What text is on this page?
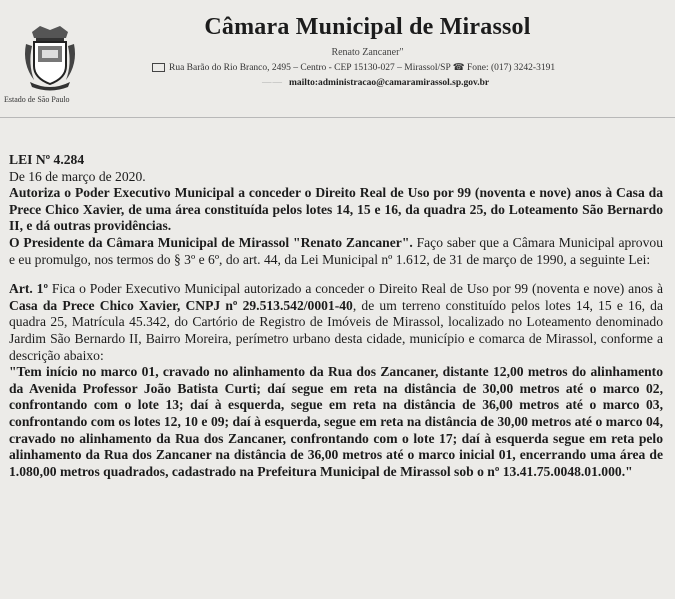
Estado de São Paulo
Câmara Municipal de Mirassol
Renato Zancaner"
Rua Barão do Rio Branco, 2495 – Centro - CEP 15130-027 – Mirassol/SP ☎ Fone: (017) 3242-3191
—— mailto:administracao@camaramirassol.sp.gov.br

LEI Nº 4.284

De 16 de março de 2020.

Autoriza o Poder Executivo Municipal a conceder o Direito Real de Uso por 99 (noventa e nove) anos à Casa da Prece Chico Xavier, de uma área constituída pelos lotes 14, 15 e 16, da quadra 25, do Loteamento São Bernardo II, e dá outras providências.

O Presidente da Câmara Municipal de Mirassol "Renato Zancaner". Faço saber que a Câmara Municipal aprovou e eu promulgo, nos termos do § 3º e 6º, do art. 44, da Lei Municipal nº 1.612, de 31 de março de 1990, a seguinte Lei:

Art. 1º Fica o Poder Executivo Municipal autorizado a conceder o Direito Real de Uso por 99 (noventa e nove) anos à Casa da Prece Chico Xavier, CNPJ nº 29.513.542/0001-40, de um terreno constituído pelos lotes 14, 15 e 16, da quadra 25, Matrícula 45.342, do Cartório de Registro de Imóveis de Mirassol, localizado no Loteamento denominado Jardim São Bernardo II, Bairro Moreira, perímetro urbano desta cidade, município e comarca de Mirassol, conforme a descrição abaixo:

"Tem início no marco 01, cravado no alinhamento da Rua dos Zancaner, distante 12,00 metros do alinhamento da Avenida Professor João Batista Curti; daí segue em reta na distância de 30,00 metros até o marco 02, confrontando com o lote 13; daí à esquerda, segue em reta na distância de 36,00 metros até o marco 03, confrontando com os lotes 12, 10 e 09; daí à esquerda, segue em reta na distância de 30,00 metros até o marco 04, cravado no alinhamento da Rua dos Zancaner, confrontando com o lote 17; daí à esquerda segue em reta pelo alinhamento da Rua dos Zancaner na distância de 36,00 metros até o marco inicial 01, encerrando uma área de 1.080,00 metros quadrados, cadastrado na Prefeitura Municipal de Mirassol sob o nº 13.41.75.0048.01.000."
